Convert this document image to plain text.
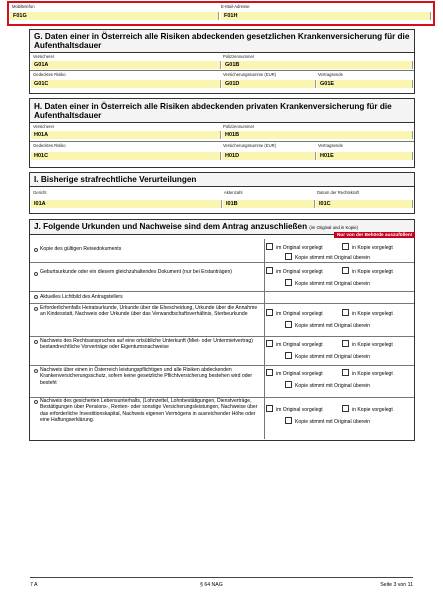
Mobiltelefon	E-Mail-Adresse
F01G	F01H
G. Daten einer in Österreich alle Risiken abdeckenden gesetzlichen Krankenversicherung für die Aufenthaltsdauer
Versicherer	Polizzennummer
G01A	G01B
Gedecktes Risiko	Versicherungssumme (EUR)	Vertragsende
G01C	G01D	G01E
H. Daten einer in Österreich alle Risiken abdeckenden privaten Krankenversicherung für die Aufenthaltsdauer
Versicherer	Polizzennummer
H01A	H01B
Gedecktes Risiko	Versicherungssumme (EUR)	Vertragsende
H01C	H01D	H01E
I. Bisherige strafrechtliche Verurteilungen
Gericht	Aktenzahl	Datum der Rechtskraft
I01A	I01B	I01C
J. Folgende Urkunden und Nachweise sind dem Antrag anzuschließen (im Original und in Kopie)
Nur von der Behörde auszufüllen!
Kopie des gültigen Reisedokuments	im Original vorgelegt	in Kopie vorgelegt
Kopie stimmt mit Original überein
Geburtsurkunde oder ein diesem gleichzuhaltendes Dokument (nur bei Erstanträgen)	im Original vorgelegt	in Kopie vorgelegt
Kopie stimmt mit Original überein
Aktuelles Lichtbild des Antragstellers
Erforderlichenfalls Heiratsurkunde, Urkunde über die Ehescheidung, Urkunde über die Annahme an Kindesstatt, Nachweis oder Urkunde über das Verwandtschaftsverhältnis, Sterbeurkunde	im Original vorgelegt	in Kopie vorgelegt
Kopie stimmt mit Original überein
Nachweis des Rechtsanspruches auf eine ortsübliche Unterkunft (Miet- oder Untermietvertrag) bestandrechtliche Vorverträge oder Eigentumsnachweise	im Original vorgelegt	in Kopie vorgelegt
Kopie stimmt mit Original überein
Nachweis über einen in Österreich leistungspflichtigen und alle Risiken abdeckenden Krankenversicherungsschutz, sofern keine gesetzliche Pflichtversicherung bestehen wird oder besteht
im Original vorgelegt	in Kopie vorgelegt
Kopie stimmt mit Original überein
Nachweis des gesicherten Lebensunterhalts, (Lohnzettel, Lohnbestätigungen, Dienstverträge, Bestätigungen über Pensions-, Renten- oder sonstige Versicherungsleistungen, Nachweise über das erforderliche Investitionskapital, Nachweis eigenen Vermögens in ausreichender Höhe oder eine Haftungserklärung.
im Original vorgelegt	in Kopie vorgelegt
Kopie stimmt mit Original überein
7 A	§ 64 NAG	Seite 3 von 11
